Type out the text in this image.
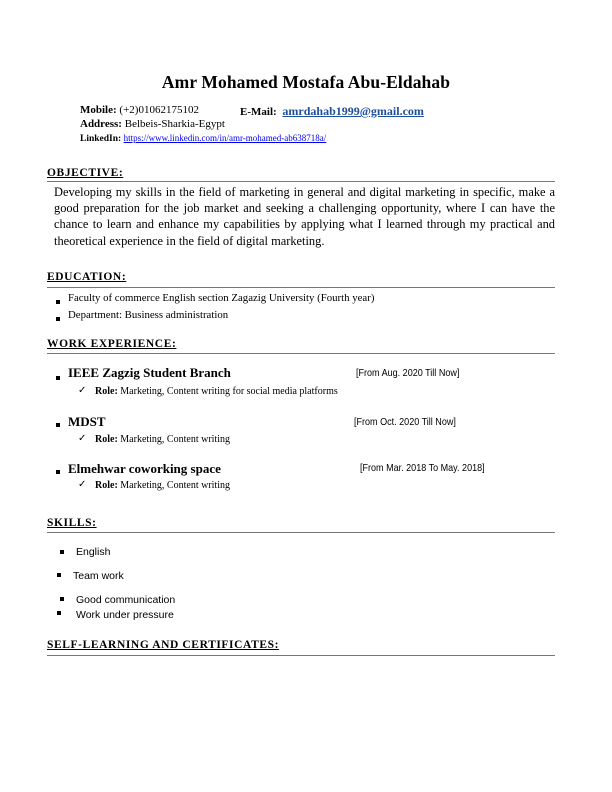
Amr Mohamed Mostafa Abu-Eldahab
Mobile: (+2)01062175102	E-Mail: amrdahab1999@gmail.com
Address: Belbeis-Sharkia-Egypt
LinkedIn: https://www.linkedin.com/in/amr-mohamed-ab638718a/
OBJECTIVE:
Developing my skills in the field of marketing in general and digital marketing in specific, make a good preparation for the job market and seeking a challenging opportunity, where I can have the chance to learn and enhance my capabilities by applying what I learned through my practical and theoretical experience in the field of digital marketing.
EDUCATION:
Faculty of commerce English section Zagazig University (Fourth year)
Department: Business administration
WORK EXPERIENCE:
IEEE Zagzig Student Branch	[From Aug. 2020 Till Now]
✓ Role: Marketing, Content writing for social media platforms
MDST	[From Oct. 2020 Till Now]
✓ Role: Marketing, Content writing
Elmehwar coworking space	[From Mar. 2018 To May. 2018]
✓ Role: Marketing, Content writing
SKILLS:
English
Team work
Good communication
Work under pressure
SELF-LEARNING AND CERTIFICATES:
